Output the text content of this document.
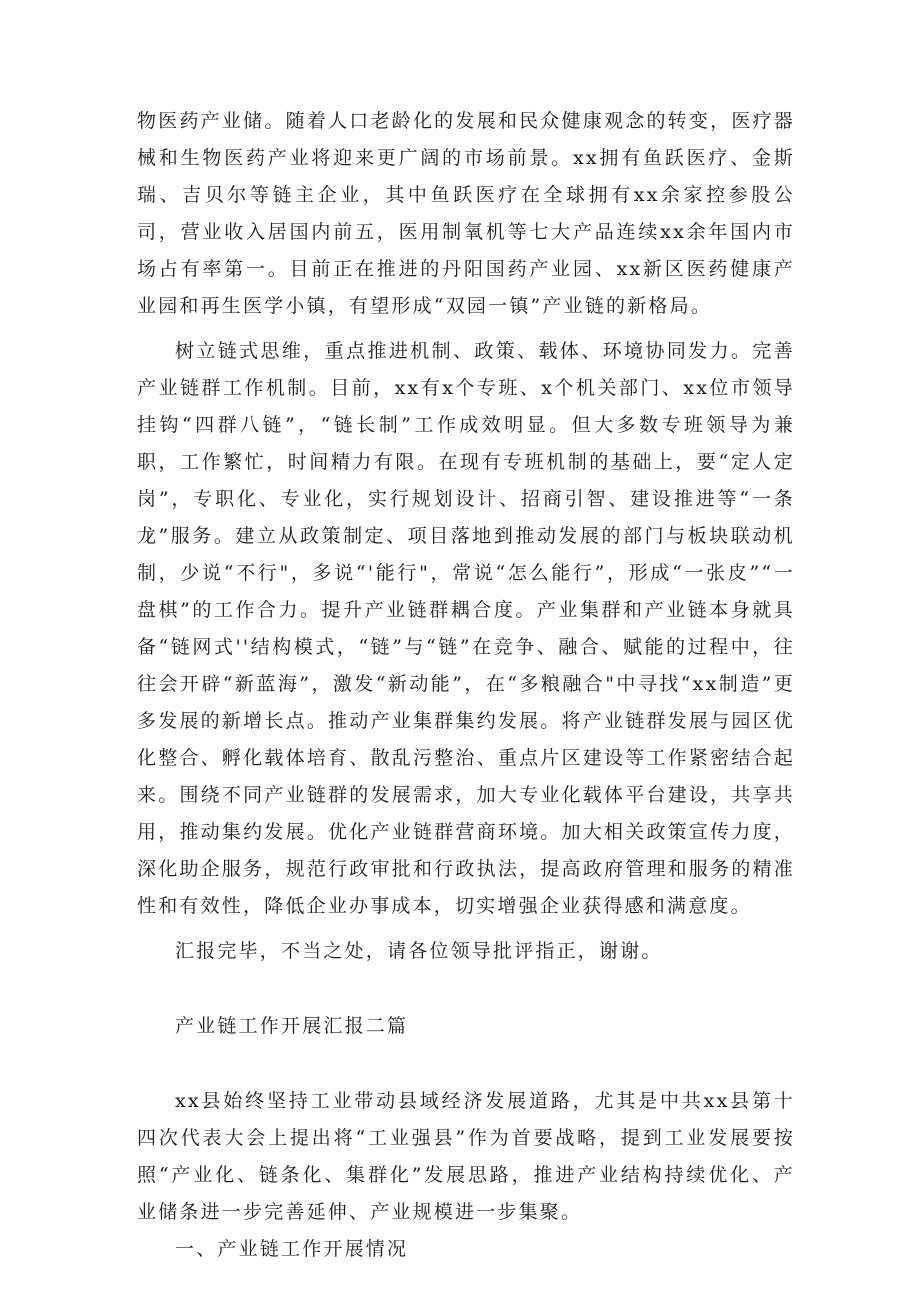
物医药产业储。随着人口老龄化的发展和民众健康观念的转变，医疗器械和生物医药产业将迎来更广阔的市场前景。xx拥有鱼跃医疗、金斯瑞、吉贝尔等链主企业，其中鱼跃医疗在全球拥有xx余家控参股公司，营业收入居国内前五，医用制氧机等七大产品连续xx余年国内市场占有率第一。目前正在推进的丹阳国药产业园、xx新区医药健康产业园和再生医学小镇，有望形成“双园一镇”产业链的新格局。

树立链式思维，重点推进机制、政策、载体、环境协同发力。完善产业链群工作机制。目前，xx有x个专班、x个机关部门、xx位市领导挂钩“四群八链”，“链长制”工作成效明显。但大多数专班领导为兼职，工作繁忙，时间精力有限。在现有专班机制的基础上，要“定人定岗”，专职化、专业化，实行规划设计、招商引智、建设推进等“一条龙”服务。建立从政策制定、项目落地到推动发展的部门与板块联动机制，少说“不行"，多说“'能行"，常说“怎么能行”，形成“一张皮”“一盘棋”的工作合力。提升产业链群耦合度。产业集群和产业链本身就具备“链网式''结构模式，“链”与“链”在竞争、融合、赋能的过程中，往往会开辟“新蓝海”，激发“新动能”，在“多粮融合"中寻找“xx制造”更多发展的新增长点。推动产业集群集约发展。将产业链群发展与园区优化整合、孵化载体培育、散乱污整治、重点片区建设等工作紧密结合起来。围绕不同产业链群的发展需求，加大专业化载体平台建设，共享共用，推动集约发展。优化产业链群营商环境。加大相关政策宣传力度，深化助企服务，规范行政审批和行政执法，提高政府管理和服务的精准性和有效性，降低企业办事成本，切实增强企业获得感和满意度。

汇报完毕，不当之处，请各位领导批评指正，谢谢。

产业链工作开展汇报二篇

xx县始终坚持工业带动县域经济发展道路，尤其是中共xx县第十四次代表大会上提出将“工业强县”作为首要战略，提到工业发展要按照“产业化、链条化、集群化”发展思路，推进产业结构持续优化、产业储条进一步完善延伸、产业规模进一步集聚。

一、产业链工作开展情况
